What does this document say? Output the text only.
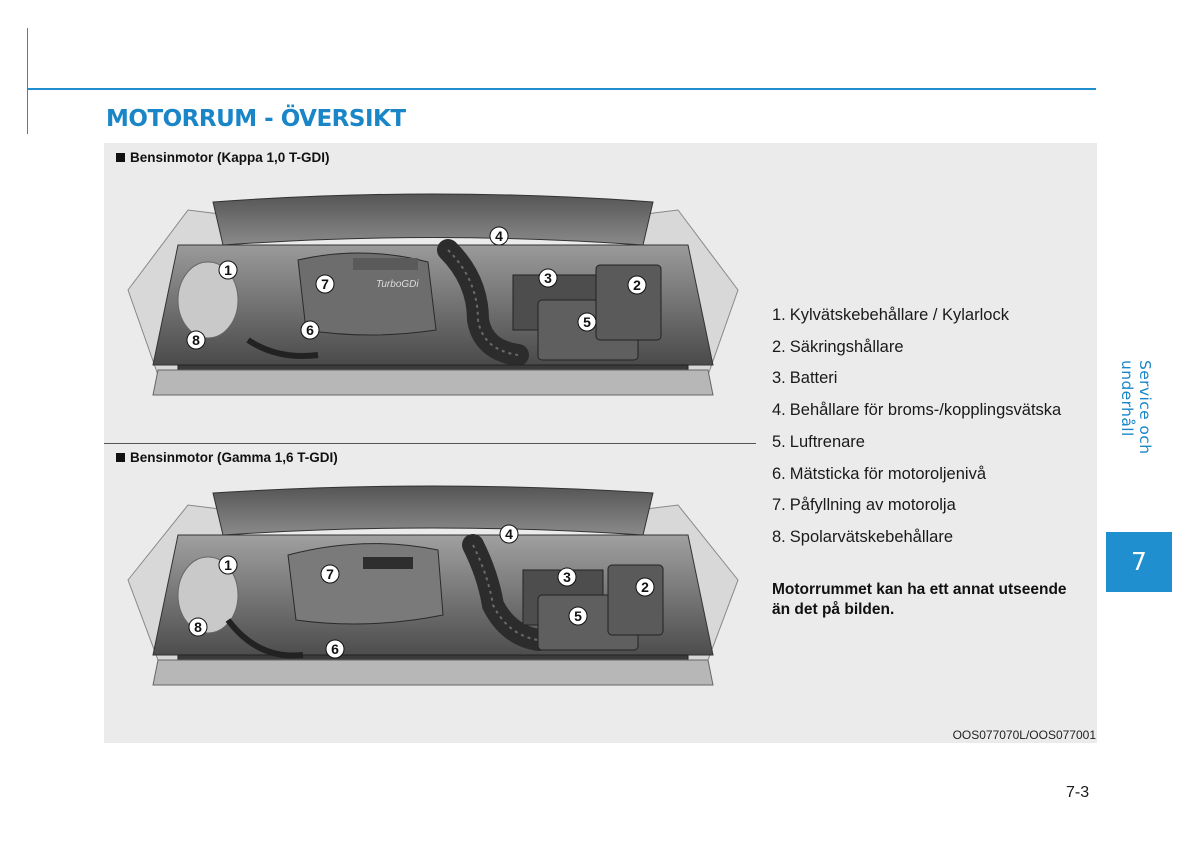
MOTORRUM - ÖVERSIKT
Bensinmotor (Kappa 1,0 T-GDI)
TurboGDi
1
2
3
4
5
6
7
8
Bensinmotor (Gamma 1,6 T-GDI)
1
2
3
4
5
6
7
8
1. Kylvätskebehållare / Kylarlock
2. Säkringshållare
3. Batteri
4. Behållare för broms-/kopplingsvätska
5. Luftrenare
6. Mätsticka för motoroljenivå
7. Påfyllning av motorolja
8. Spolarvätskebehållare

Motorrummet kan ha ett annat utseende än det på bilden.

OOS077070L/OOS077001
Service och underhåll
7
7-3
